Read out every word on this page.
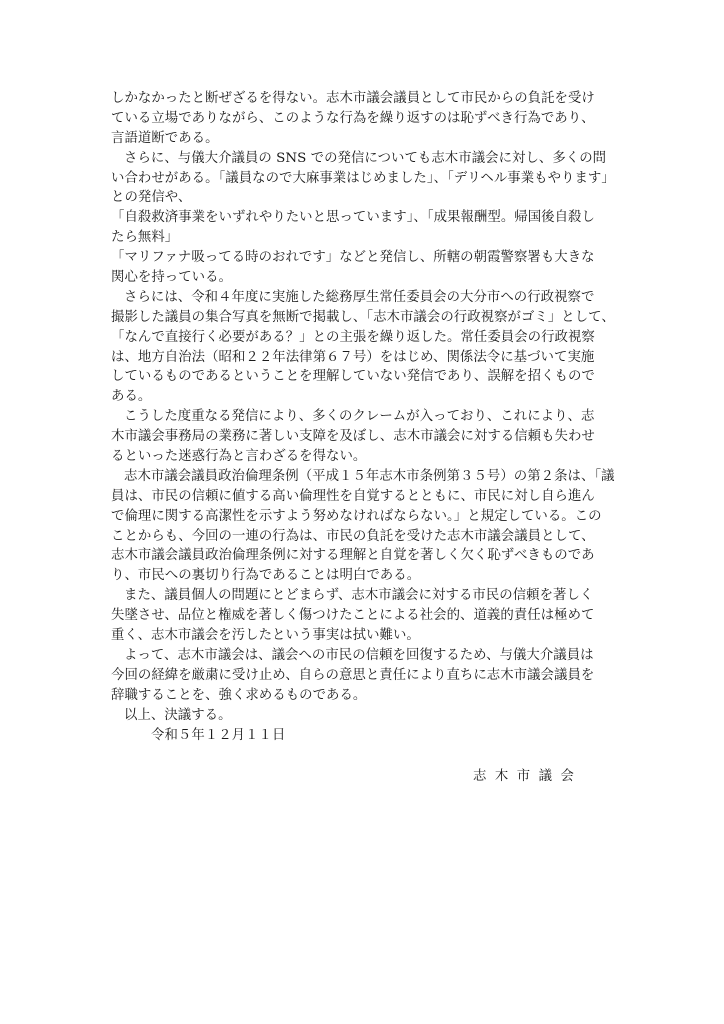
しかなかったと断ぜざるを得ない。志木市議会議員として市民からの負託を受け
ている立場でありながら、このような行為を繰り返すのは恥ずべき行為であり、
言語道断である。
さらに、与儀大介議員の SNS での発信についても志木市議会に対し、多くの問
い合わせがある。「議員なので大麻事業はじめました」、「デリヘル事業もやります」
との発信や、
「自殺救済事業をいずれやりたいと思っています」、「成果報酬型。帰国後自殺し
たら無料」
「マリファナ吸ってる時のおれです」などと発信し、所轄の朝霞警察署も大きな
関心を持っている。
さらには、令和４年度に実施した総務厚生常任委員会の大分市への行政視察で
撮影した議員の集合写真を無断で掲載し、「志木市議会の行政視察がゴミ」として、
「なんで直接行く必要がある？」との主張を繰り返した。常任委員会の行政視察
は、地方自治法（昭和２２年法律第６７号）をはじめ、関係法令に基づいて実施
しているものであるということを理解していない発信であり、誤解を招くもので
ある。
こうした度重なる発信により、多くのクレームが入っており、これにより、志
木市議会事務局の業務に著しい支障を及ぼし、志木市議会に対する信頼も失わせ
るといった迷惑行為と言わざるを得ない。
志木市議会議員政治倫理条例（平成１５年志木市条例第３５号）の第２条は、「議
員は、市民の信頼に値する高い倫理性を自覚するとともに、市民に対し自ら進ん
で倫理に関する高潔性を示すよう努めなければならない。」と規定している。この
ことからも、今回の一連の行為は、市民の負託を受けた志木市議会議員として、
志木市議会議員政治倫理条例に対する理解と自覚を著しく欠く恥ずべきものであ
り、市民への裏切り行為であることは明白である。
また、議員個人の問題にとどまらず、志木市議会に対する市民の信頼を著しく
失墜させ、品位と権威を著しく傷つけたことによる社会的、道義的責任は極めて
重く、志木市議会を汚したという事実は拭い難い。
よって、志木市議会は、議会への市民の信頼を回復するため、与儀大介議員は
今回の経緯を厳粛に受け止め、自らの意思と責任により直ちに志木市議会議員を
辞職することを、強く求めるものである。
以上、決議する。
令和５年１２月１１日
志木市議会
